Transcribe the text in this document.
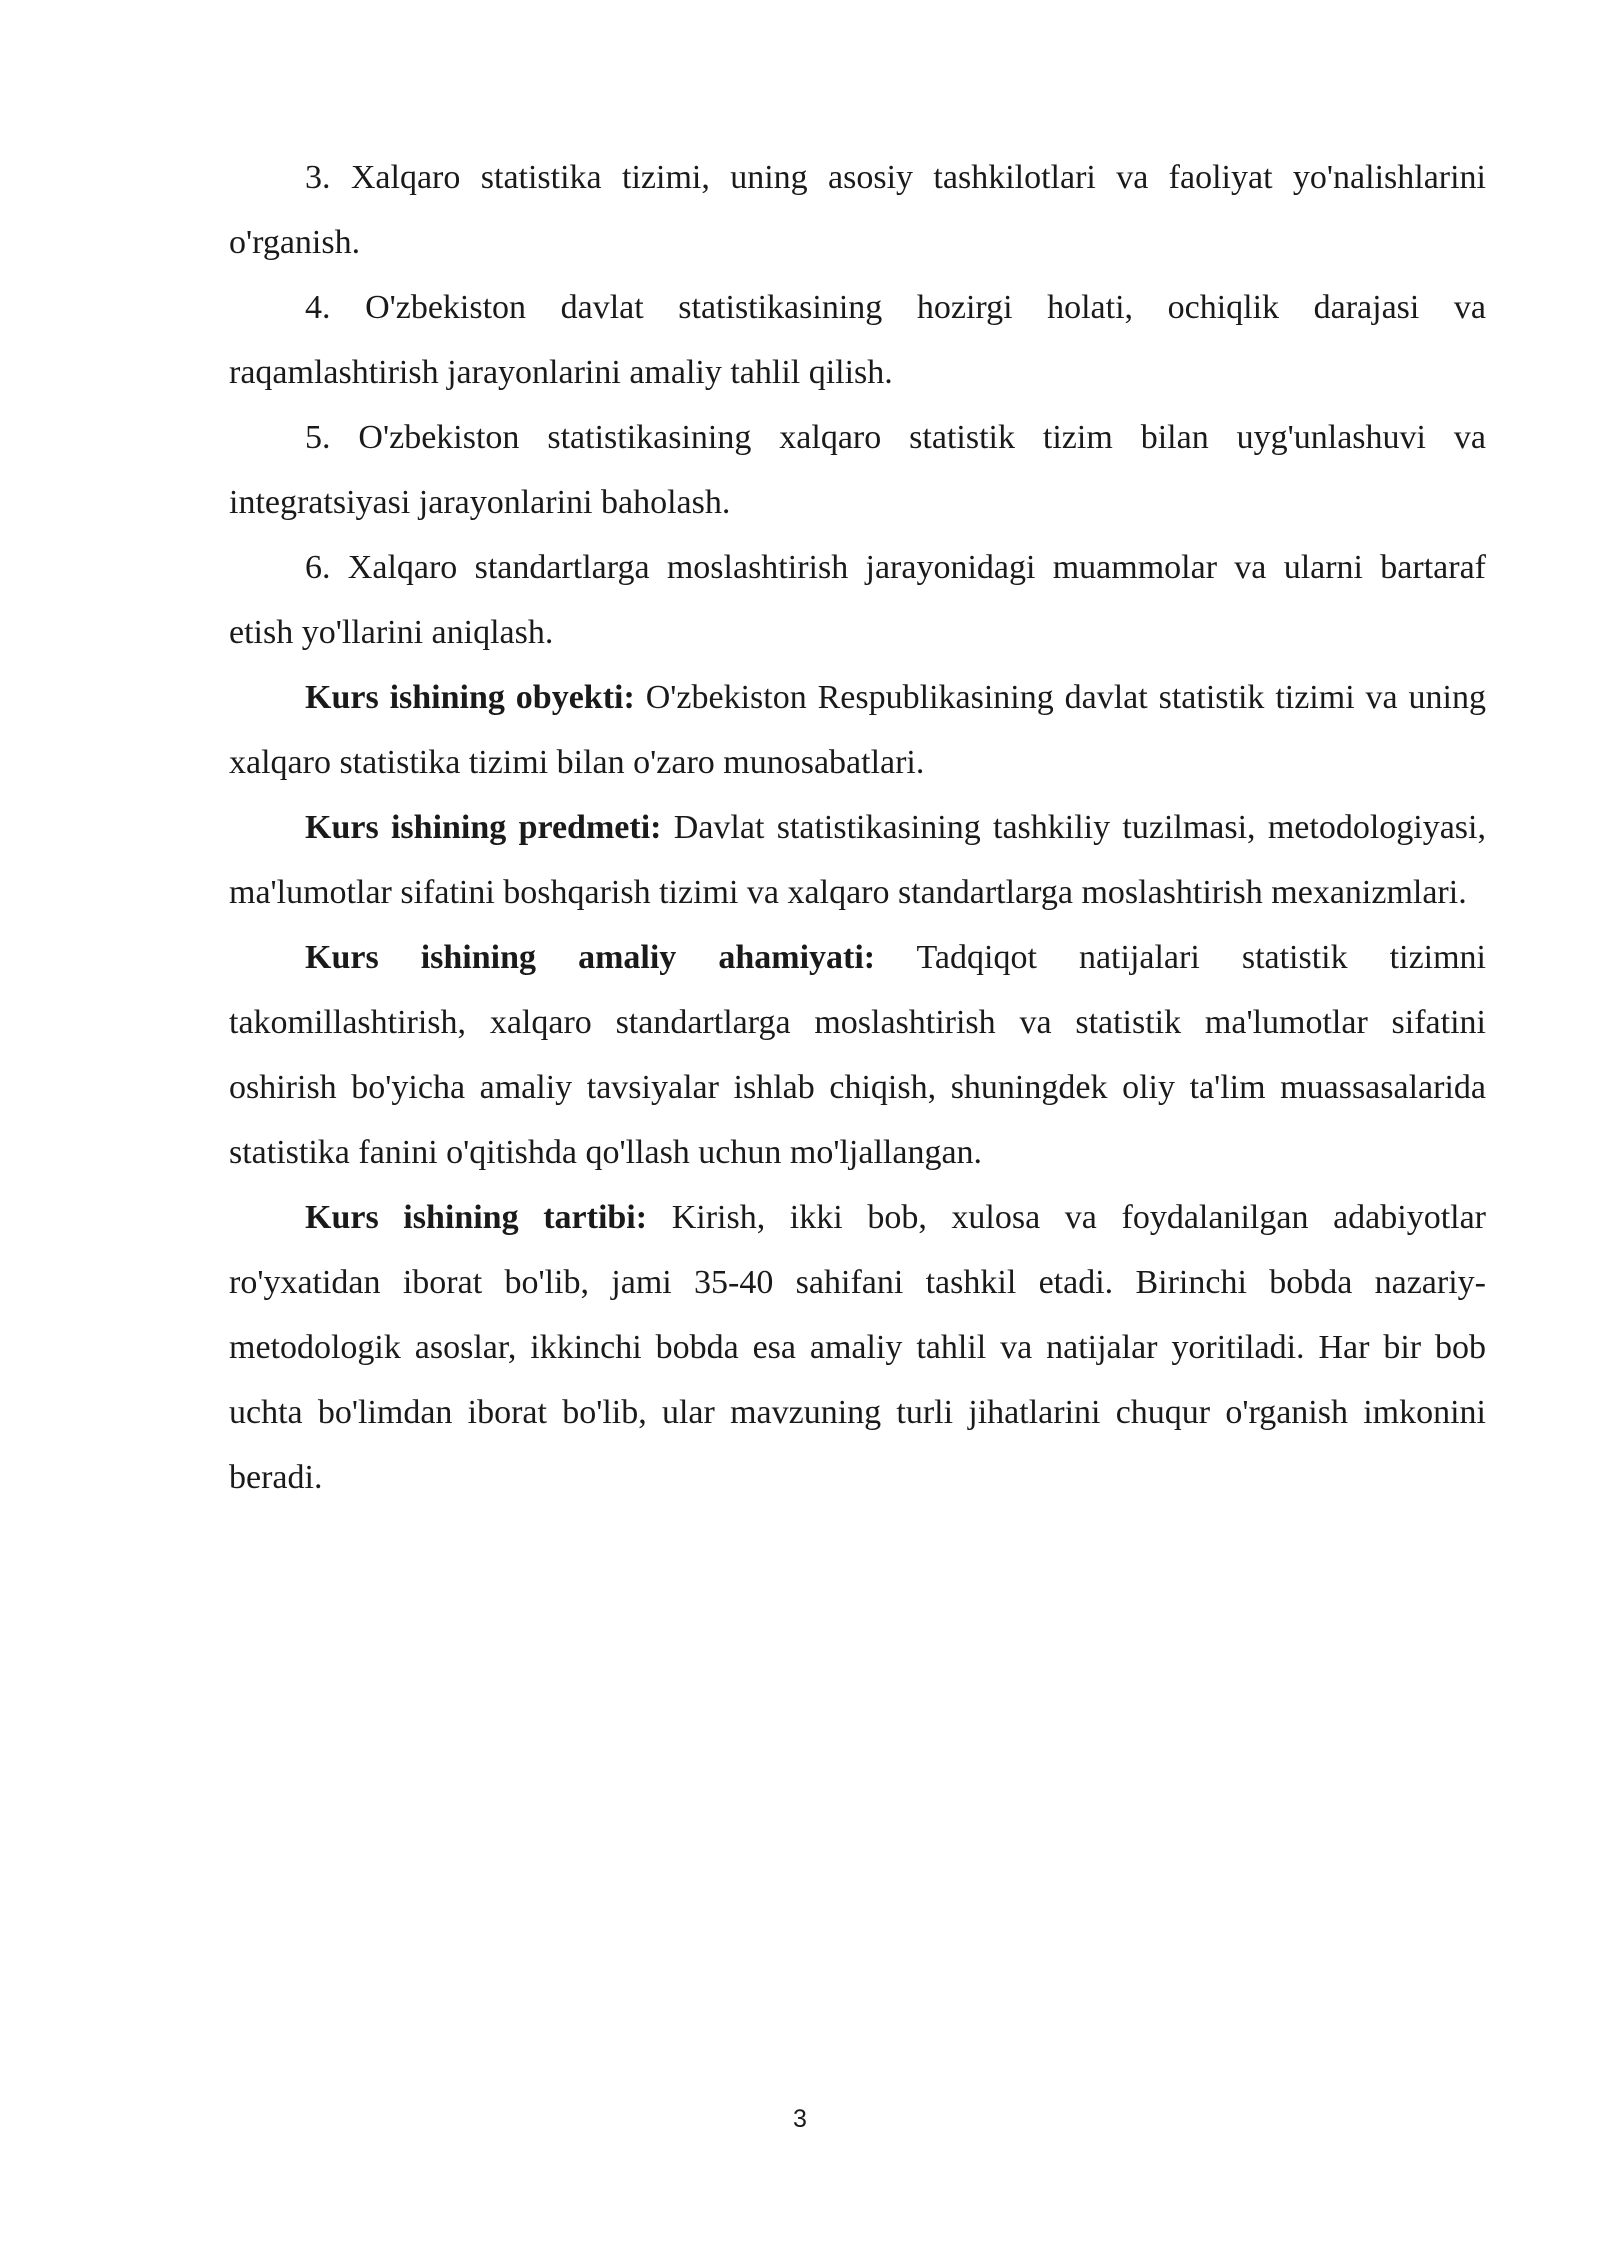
3. Xalqaro statistika tizimi, uning asosiy tashkilotlari va faoliyat yo'nalishlarini o'rganish.

4. O'zbekiston davlat statistikasining hozirgi holati, ochiqlik darajasi va raqamlashtirish jarayonlarini amaliy tahlil qilish.

5. O'zbekiston statistikasining xalqaro statistik tizim bilan uyg'unlashuvi va integratsiyasi jarayonlarini baholash.

6. Xalqaro standartlarga moslashtirish jarayonidagi muammolar va ularni bartaraf etish yo'llarini aniqlash.

Kurs ishining obyekti: O'zbekiston Respublikasining davlat statistik tizimi va uning xalqaro statistika tizimi bilan o'zaro munosabatlari.

Kurs ishining predmeti: Davlat statistikasining tashkiliy tuzilmasi, metodologiyasi, ma'lumotlar sifatini boshqarish tizimi va xalqaro standartlarga moslashtirish mexanizmlari.

Kurs ishining amaliy ahamiyati: Tadqiqot natijalari statistik tizimni takomillashtirish, xalqaro standartlarga moslashtirish va statistik ma'lumotlar sifatini oshirish bo'yicha amaliy tavsiyalar ishlab chiqish, shuningdek oliy ta'lim muassasalarida statistika fanini o'qitishda qo'llash uchun mo'ljallangan.

Kurs ishining tartibi: Kirish, ikki bob, xulosa va foydalanilgan adabiyotlar ro'yxatidan iborat bo'lib, jami 35-40 sahifani tashkil etadi. Birinchi bobda nazariy-metodologik asoslar, ikkinchi bobda esa amaliy tahlil va natijalar yoritiladi. Har bir bob uchta bo'limdan iborat bo'lib, ular mavzuning turli jihatlarini chuqur o'rganish imkonini beradi.

3
